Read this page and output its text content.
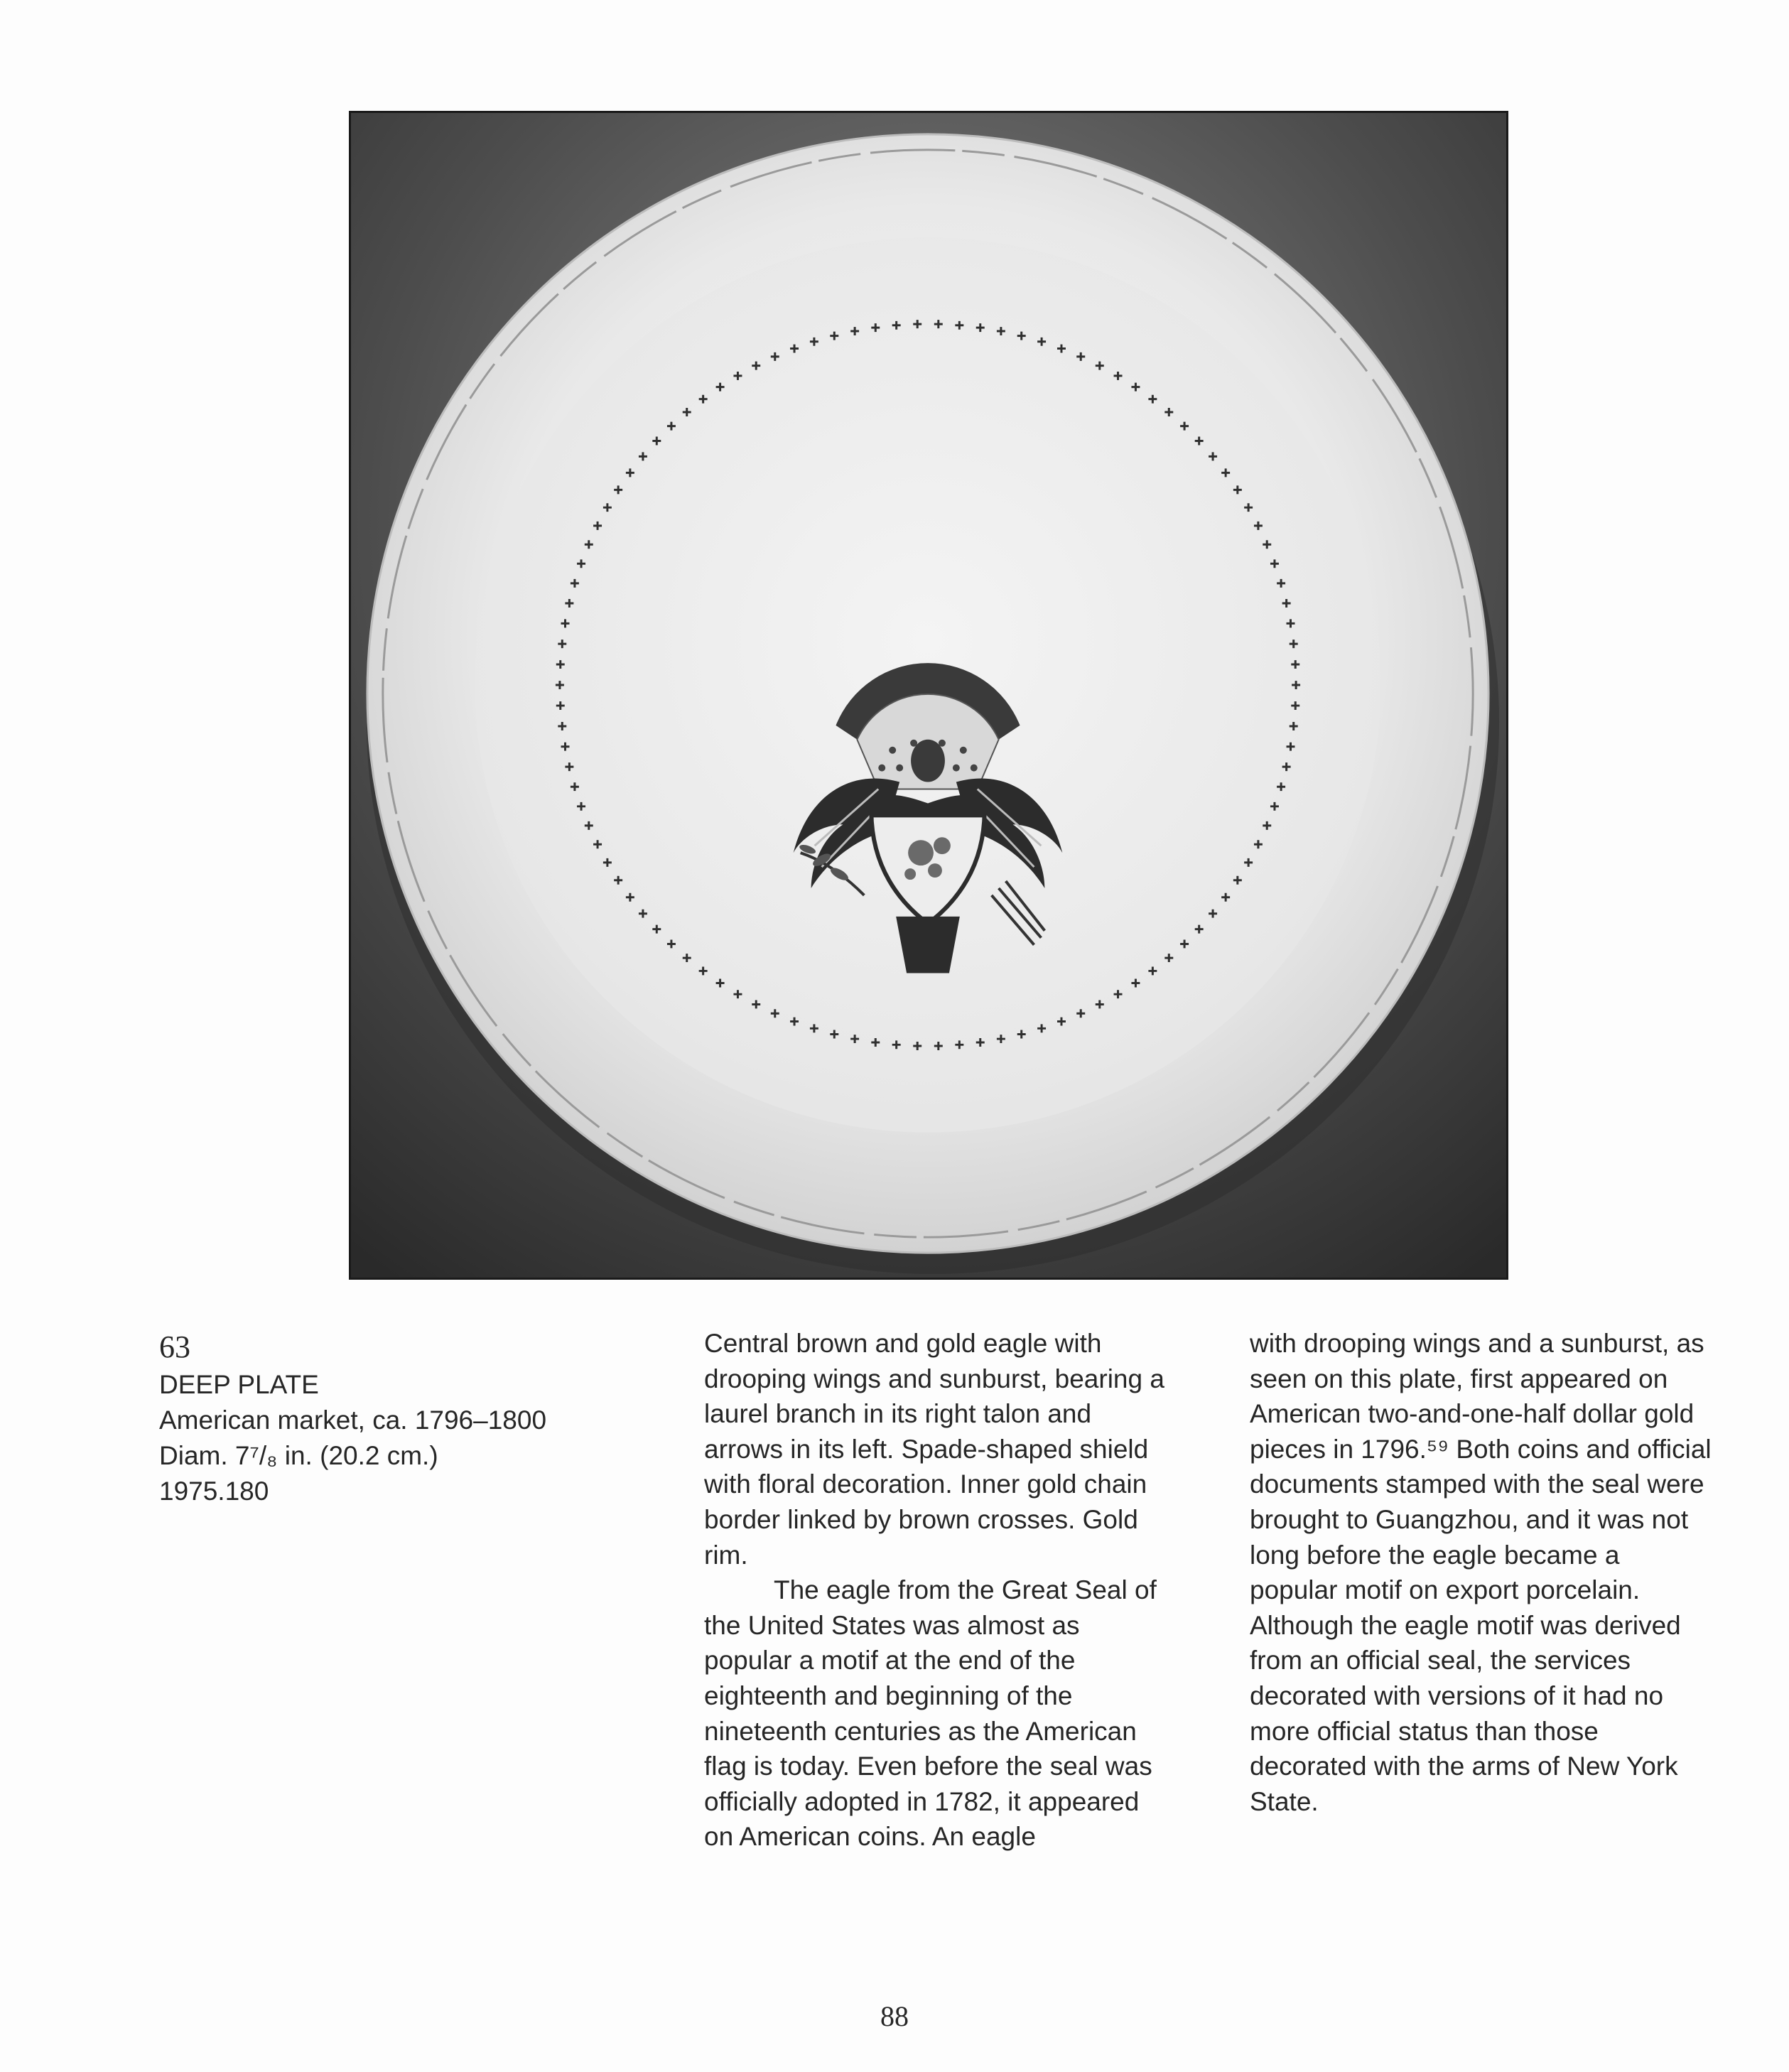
63
DEEP PLATE
American market, ca. 1796–1800
Diam. 7⁷/₈ in. (20.2 cm.)
1975.180

Central brown and gold eagle with drooping wings and sunburst, bearing a laurel branch in its right talon and arrows in its left. Spade-shaped shield with floral decoration. Inner gold chain border linked by brown crosses. Gold rim.

The eagle from the Great Seal of the United States was almost as popular a motif at the end of the eighteenth and beginning of the nineteenth centuries as the American flag is today. Even before the seal was officially adopted in 1782, it appeared on American coins. An eagle

with drooping wings and a sunburst, as seen on this plate, first appeared on American two-and-one-half dollar gold pieces in 1796.⁵⁹ Both coins and official documents stamped with the seal were brought to Guangzhou, and it was not long before the eagle became a popular motif on export porcelain. Although the eagle motif was derived from an official seal, the services decorated with versions of it had no more official status than those decorated with the arms of New York State.

88
